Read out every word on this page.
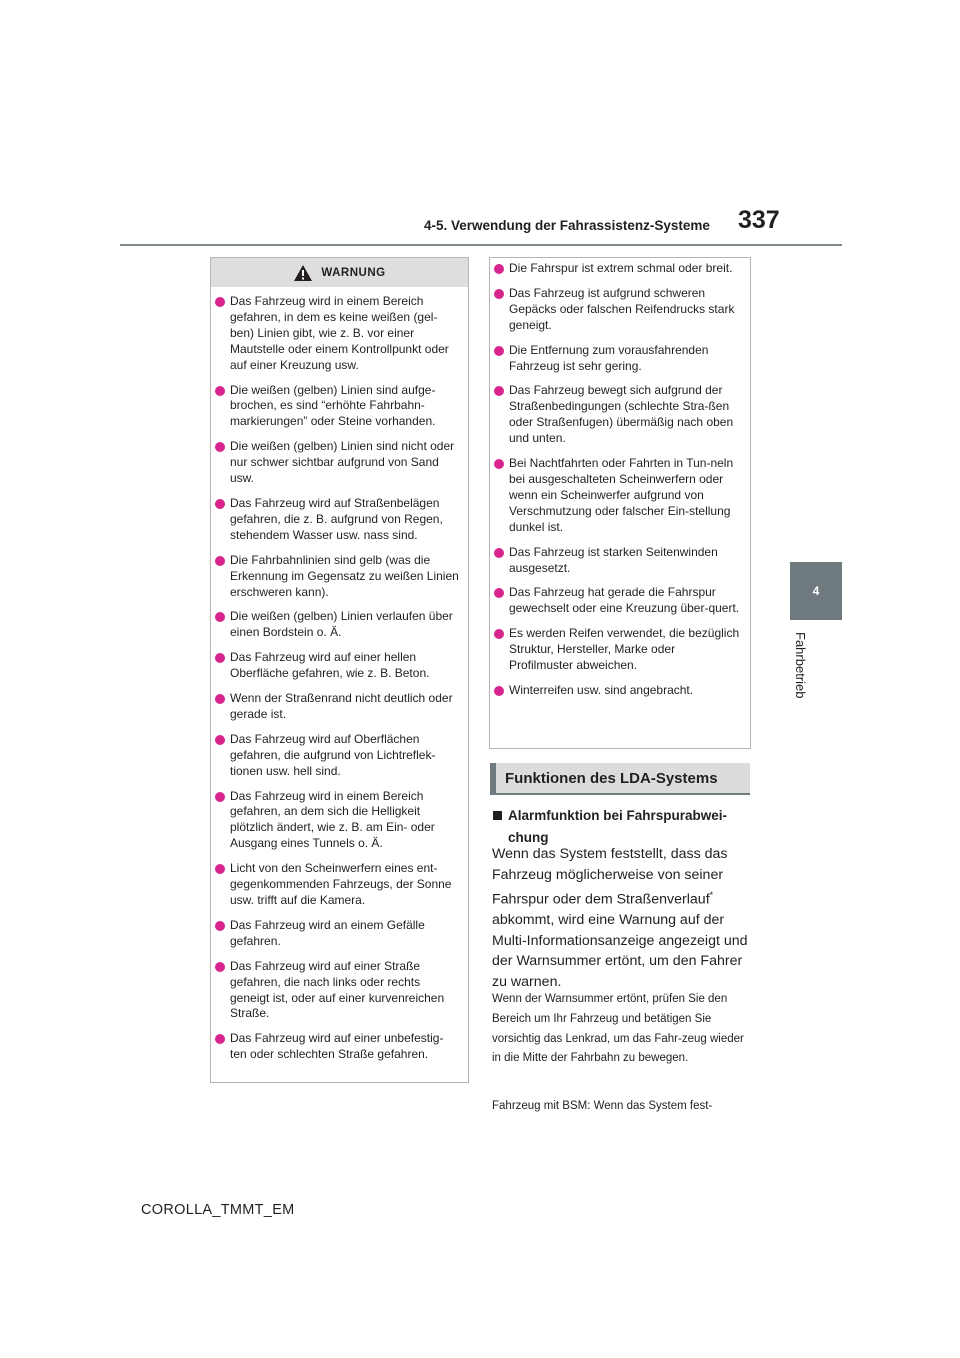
4-5. Verwendung der Fahrassistenz-Systeme 337
4
Fahrbetrieb
WARNUNG
Das Fahrzeug wird in einem Bereich gefahren, in dem es keine weißen (gel-ben) Linien gibt, wie z. B. vor einer Mautstelle oder einem Kontrollpunkt oder auf einer Kreuzung usw.
Die weißen (gelben) Linien sind aufge-brochen, es sind “erhöhte Fahrbahn-markierungen” oder Steine vorhanden.
Die weißen (gelben) Linien sind nicht oder nur schwer sichtbar aufgrund von Sand usw.
Das Fahrzeug wird auf Straßenbelägen gefahren, die z. B. aufgrund von Regen, stehendem Wasser usw. nass sind.
Die Fahrbahnlinien sind gelb (was die Erkennung im Gegensatz zu weißen Linien erschweren kann).
Die weißen (gelben) Linien verlaufen über einen Bordstein o. Ä.
Das Fahrzeug wird auf einer hellen Oberfläche gefahren, wie z. B. Beton.
Wenn der Straßenrand nicht deutlich oder gerade ist.
Das Fahrzeug wird auf Oberflächen gefahren, die aufgrund von Lichtreflek-tionen usw. hell sind.
Das Fahrzeug wird in einem Bereich gefahren, an dem sich die Helligkeit plötzlich ändert, wie z. B. am Ein- oder Ausgang eines Tunnels o. Ä.
Licht von den Scheinwerfern eines ent-gegenkommenden Fahrzeugs, der Sonne usw. trifft auf die Kamera.
Das Fahrzeug wird an einem Gefälle gefahren.
Das Fahrzeug wird auf einer Straße gefahren, die nach links oder rechts geneigt ist, oder auf einer kurvenreichen Straße.
Das Fahrzeug wird auf einer unbefestig-ten oder schlechten Straße gefahren.
Die Fahrspur ist extrem schmal oder breit.
Das Fahrzeug ist aufgrund schweren Gepäcks oder falschen Reifendrucks stark geneigt.
Die Entfernung zum vorausfahrenden Fahrzeug ist sehr gering.
Das Fahrzeug bewegt sich aufgrund der Straßenbedingungen (schlechte Stra-ßen oder Straßenfugen) übermäßig nach oben und unten.
Bei Nachtfahrten oder Fahrten in Tun-neln bei ausgeschalteten Scheinwerfern oder wenn ein Scheinwerfer aufgrund von Verschmutzung oder falscher Ein-stellung dunkel ist.
Das Fahrzeug ist starken Seitenwinden ausgesetzt.
Das Fahrzeug hat gerade die Fahrspur gewechselt oder eine Kreuzung über-quert.
Es werden Reifen verwendet, die bezüglich Struktur, Hersteller, Marke oder Profilmuster abweichen.
Winterreifen usw. sind angebracht.
Funktionen des LDA-Systems
Alarmfunktion bei Fahrspurabwei-chung
Wenn das System feststellt, dass das Fahrzeug möglicherweise von seiner Fahrspur oder dem Straßenverlauf* abkommt, wird eine Warnung auf der Multi-Informationsanzeige angezeigt und der Warnsummer ertönt, um den Fahrer zu warnen.
Wenn der Warnsummer ertönt, prüfen Sie den Bereich um Ihr Fahrzeug und betätigen Sie vorsichtig das Lenkrad, um das Fahr-zeug wieder in die Mitte der Fahrbahn zu bewegen.
Fahrzeug mit BSM: Wenn das System fest-
COROLLA_TMMT_EM
